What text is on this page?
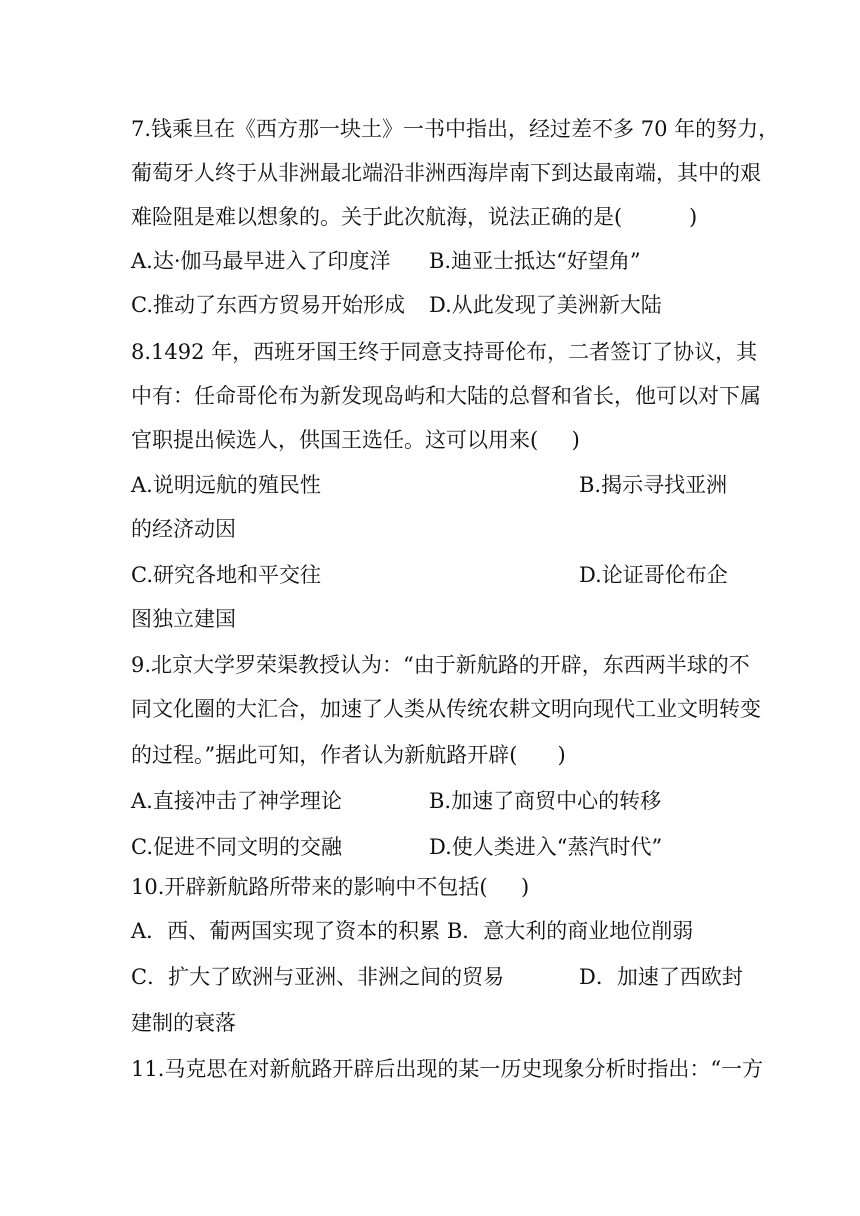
7.钱乘旦在《西方那一块土》一书中指出，经过差不多 70 年的努力，
葡萄牙人终于从非洲最北端沿非洲西海岸南下到达最南端，其中的艰
难险阻是难以想象的。关于此次航海，说法正确的是(          )
A.达·伽马最早进入了印度洋 B.迪亚士抵达“好望角”
C.推动了东西方贸易开始形成 D.从此发现了美洲新大陆
8.1492 年，西班牙国王终于同意支持哥伦布，二者签订了协议，其
中有：任命哥伦布为新发现岛屿和大陆的总督和省长，他可以对下属
官职提出候选人，供国王选任。这可以用来(     )
A.说明远航的殖民性	B.揭示寻找亚洲
的经济动因
C.研究各地和平交往	D.论证哥伦布企
图独立建国
9.北京大学罗荣渠教授认为：“由于新航路的开辟，东西两半球的不
同文化圈的大汇合，加速了人类从传统农耕文明向现代工业文明转变
的过程。”据此可知，作者认为新航路开辟(      )
A.直接冲击了神学理论	B.加速了商贸中心的转移
C.促进不同文明的交融	D.使人类进入“蒸汽时代”
10.开辟新航路所带来的影响中不包括(     )
A．西、葡两国实现了资本的积累 B．意大利的商业地位削弱
C．扩大了欧洲与亚洲、非洲之间的贸易	D．加速了西欧封
建制的衰落
11.马克思在对新航路开辟后出现的某一历史现象分析时指出：“一方
